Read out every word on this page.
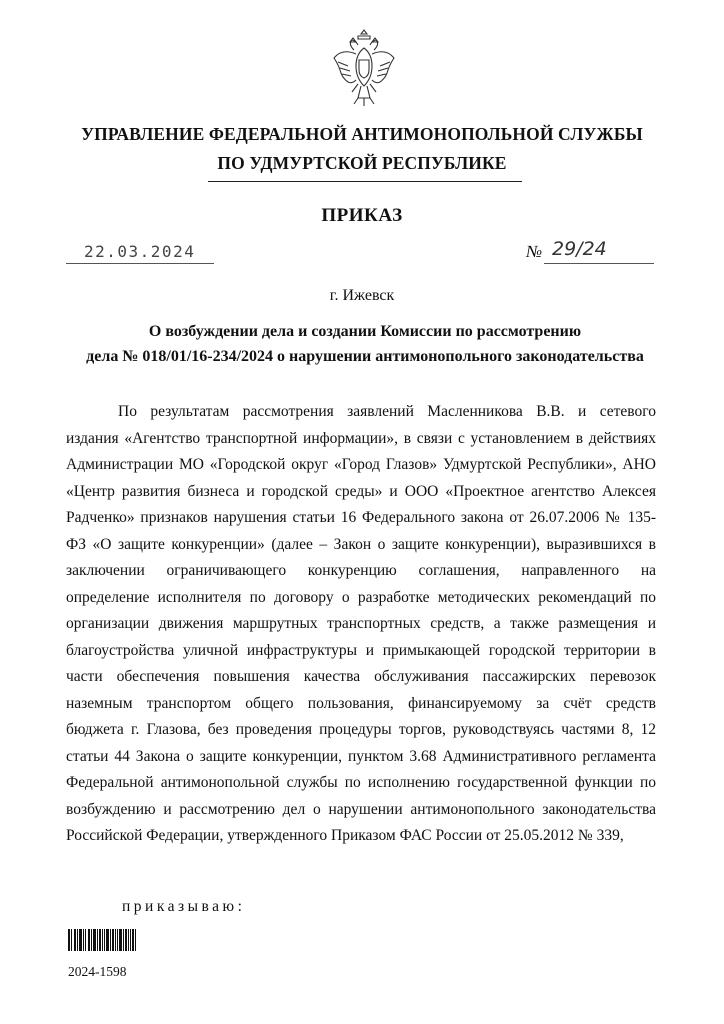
УПРАВЛЕНИЕ ФЕДЕРАЛЬНОЙ АНТИМОНОПОЛЬНОЙ СЛУЖБЫ
ПО УДМУРТСКОЙ РЕСПУБЛИКЕ
ПРИКАЗ
22.03.2024	№ 29/24
г. Ижевск
О возбуждении дела и создании Комиссии по рассмотрению
дела № 018/01/16-234/2024 о нарушении антимонопольного законодательства
По результатам рассмотрения заявлений Масленникова В.В. и сетевого
издания «Агентство транспортной информации», в связи с установлением в действиях
Администрации МО «Городской округ «Город Глазов» Удмуртской Республики», АНО
«Центр развития бизнеса и городской среды» и ООО «Проектное агентство Алексея
Радченко» признаков нарушения статьи 16 Федерального закона от 26.07.2006 № 135-
ФЗ «О защите конкуренции» (далее – Закон о защите конкуренции), выразившихся в
заключении ограничивающего конкуренцию соглашения, направленного на
определение исполнителя по договору о разработке методических рекомендаций по
организации движения маршрутных транспортных средств, а также размещения и
благоустройства уличной инфраструктуры и примыкающей городской территории в
части обеспечения повышения качества обслуживания пассажирских перевозок
наземным транспортом общего пользования, финансируемому за счёт средств
бюджета г. Глазова, без проведения процедуры торгов, руководствуясь частями 8, 12
статьи 44 Закона о защите конкуренции, пунктом 3.68 Административного регламента
Федеральной антимонопольной службы по исполнению государственной функции по
возбуждению и рассмотрению дел о нарушении антимонопольного законодательства
Российской Федерации, утвержденного Приказом ФАС России от 25.05.2012 № 339,
приказываю:
2024-1598
